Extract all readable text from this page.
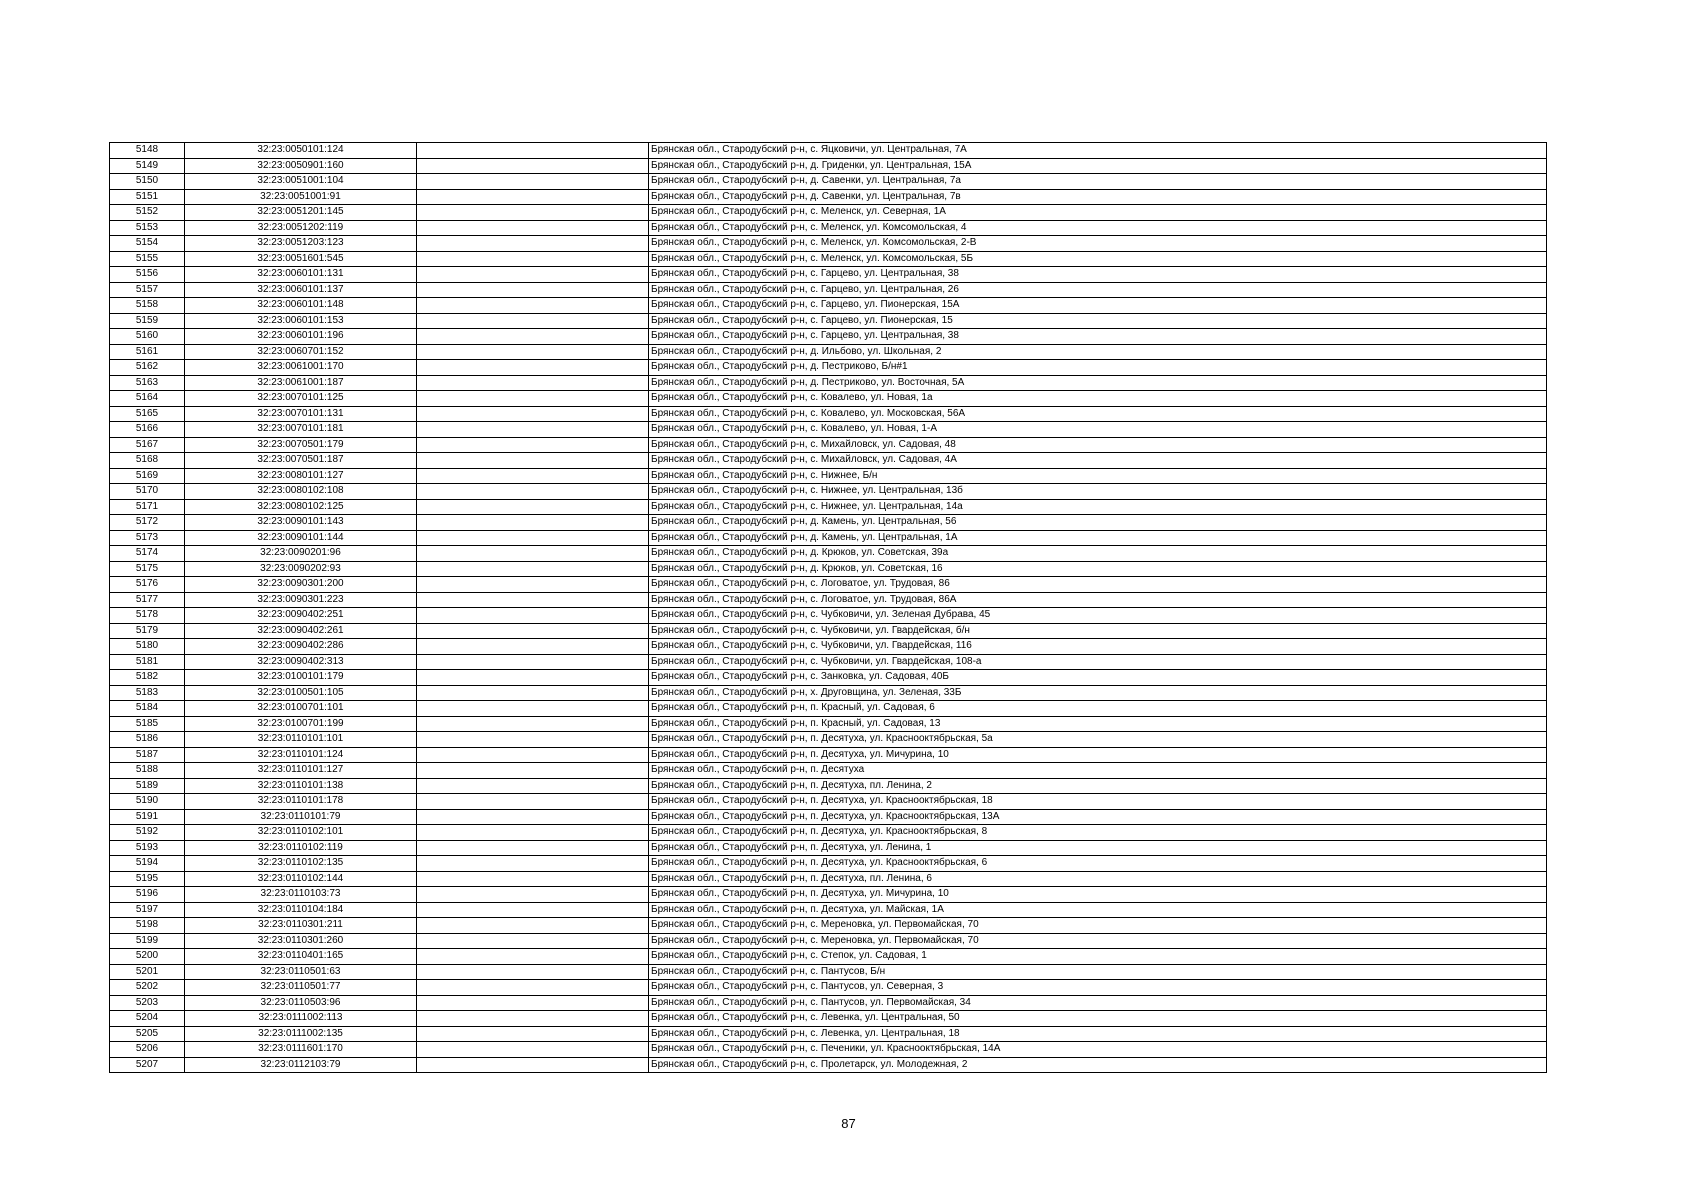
5148	32:23:0050101:124		Брянская обл., Стародубский р-н, с. Яцковичи, ул. Центральная, 7А
5149	32:23:0050901:160		Брянская обл., Стародубский р-н, д. Гриденки, ул. Центральная, 15А
5150	32:23:0051001:104		Брянская обл., Стародубский р-н, д. Савенки, ул. Центральная, 7а
5151	32:23:0051001:91		Брянская обл., Стародубский р-н, д. Савенки, ул. Центральная, 7в
5152	32:23:0051201:145		Брянская обл., Стародубский р-н, с. Меленск, ул. Северная, 1А
5153	32:23:0051202:119		Брянская обл., Стародубский р-н, с. Меленск, ул. Комсомольская, 4
5154	32:23:0051203:123		Брянская обл., Стародубский р-н, с. Меленск, ул. Комсомольская, 2-В
5155	32:23:0051601:545		Брянская обл., Стародубский р-н, с. Меленск, ул. Комсомольская, 5Б
5156	32:23:0060101:131		Брянская обл., Стародубский р-н, с. Гарцево, ул. Центральная, 38
5157	32:23:0060101:137		Брянская обл., Стародубский р-н, с. Гарцево, ул. Центральная, 26
5158	32:23:0060101:148		Брянская обл., Стародубский р-н, с. Гарцево, ул. Пионерская, 15А
5159	32:23:0060101:153		Брянская обл., Стародубский р-н, с. Гарцево, ул. Пионерская, 15
5160	32:23:0060101:196		Брянская обл., Стародубский р-н, с. Гарцево, ул. Центральная, 38
5161	32:23:0060701:152		Брянская обл., Стародубский р-н, д. Ильбово, ул. Школьная, 2
5162	32:23:0061001:170		Брянская обл., Стародубский р-н, д. Пестриково, Б/н#1
5163	32:23:0061001:187		Брянская обл., Стародубский р-н, д. Пестриково, ул. Восточная, 5А
5164	32:23:0070101:125		Брянская обл., Стародубский р-н, с. Ковалево, ул. Новая, 1а
5165	32:23:0070101:131		Брянская обл., Стародубский р-н, с. Ковалево, ул. Московская, 56А
5166	32:23:0070101:181		Брянская обл., Стародубский р-н, с. Ковалево, ул. Новая, 1-А
5167	32:23:0070501:179		Брянская обл., Стародубский р-н, с. Михайловск, ул. Садовая, 48
5168	32:23:0070501:187		Брянская обл., Стародубский р-н, с. Михайловск, ул. Садовая, 4А
5169	32:23:0080101:127		Брянская обл., Стародубский р-н, с. Нижнее, Б/н
5170	32:23:0080102:108		Брянская обл., Стародубский р-н, с. Нижнее, ул. Центральная, 13б
5171	32:23:0080102:125		Брянская обл., Стародубский р-н, с. Нижнее, ул. Центральная, 14а
5172	32:23:0090101:143		Брянская обл., Стародубский р-н, д. Камень, ул. Центральная, 56
5173	32:23:0090101:144		Брянская обл., Стародубский р-н, д. Камень, ул. Центральная, 1А
5174	32:23:0090201:96		Брянская обл., Стародубский р-н, д. Крюков, ул. Советская, 39а
5175	32:23:0090202:93		Брянская обл., Стародубский р-н, д. Крюков, ул. Советская, 16
5176	32:23:0090301:200		Брянская обл., Стародубский р-н, с. Логоватое, ул. Трудовая, 86
5177	32:23:0090301:223		Брянская обл., Стародубский р-н, с. Логоватое, ул. Трудовая, 86А
5178	32:23:0090402:251		Брянская обл., Стародубский р-н, с. Чубковичи, ул. Зеленая Дубрава, 45
5179	32:23:0090402:261		Брянская обл., Стародубский р-н, с. Чубковичи, ул. Гвардейская, б/н
5180	32:23:0090402:286		Брянская обл., Стародубский р-н, с. Чубковичи, ул. Гвардейская, 116
5181	32:23:0090402:313		Брянская обл., Стародубский р-н, с. Чубковичи, ул. Гвардейская, 108-а
5182	32:23:0100101:179		Брянская обл., Стародубский р-н, с. Занковка, ул. Садовая, 40Б
5183	32:23:0100501:105		Брянская обл., Стародубский р-н, х. Друговщина, ул. Зеленая, 33Б
5184	32:23:0100701:101		Брянская обл., Стародубский р-н, п. Красный, ул. Садовая, 6
5185	32:23:0100701:199		Брянская обл., Стародубский р-н, п. Красный, ул. Садовая, 13
5186	32:23:0110101:101		Брянская обл., Стародубский р-н, п. Десятуха, ул. Краснооктябрьская, 5а
5187	32:23:0110101:124		Брянская обл., Стародубский р-н, п. Десятуха, ул. Мичурина, 10
5188	32:23:0110101:127		Брянская обл., Стародубский р-н, п. Десятуха
5189	32:23:0110101:138		Брянская обл., Стародубский р-н, п. Десятуха, пл. Ленина, 2
5190	32:23:0110101:178		Брянская обл., Стародубский р-н, п. Десятуха, ул. Краснооктябрьская, 18
5191	32:23:0110101:79		Брянская обл., Стародубский р-н, п. Десятуха, ул. Краснооктябрьская, 13А
5192	32:23:0110102:101		Брянская обл., Стародубский р-н, п. Десятуха, ул. Краснооктябрьская, 8
5193	32:23:0110102:119		Брянская обл., Стародубский р-н, п. Десятуха, ул. Ленина, 1
5194	32:23:0110102:135		Брянская обл., Стародубский р-н, п. Десятуха, ул. Краснооктябрьская, 6
5195	32:23:0110102:144		Брянская обл., Стародубский р-н, п. Десятуха, пл. Ленина, 6
5196	32:23:0110103:73		Брянская обл., Стародубский р-н, п. Десятуха, ул. Мичурина, 10
5197	32:23:0110104:184		Брянская обл., Стародубский р-н, п. Десятуха, ул. Майская, 1А
5198	32:23:0110301:211		Брянская обл., Стародубский р-н, с. Мереновка, ул. Первомайская, 70
5199	32:23:0110301:260		Брянская обл., Стародубский р-н, с. Мереновка, ул. Первомайская, 70
5200	32:23:0110401:165		Брянская обл., Стародубский р-н, с. Степок, ул. Садовая, 1
5201	32:23:0110501:63		Брянская обл., Стародубский р-н, с. Пантусов, Б/н
5202	32:23:0110501:77		Брянская обл., Стародубский р-н, с. Пантусов, ул. Северная, 3
5203	32:23:0110503:96		Брянская обл., Стародубский р-н, с. Пантусов, ул. Первомайская, 34
5204	32:23:0111002:113		Брянская обл., Стародубский р-н, с. Левенка, ул. Центральная, 50
5205	32:23:0111002:135		Брянская обл., Стародубский р-н, с. Левенка, ул. Центральная, 18
5206	32:23:0111601:170		Брянская обл., Стародубский р-н, с. Печеники, ул. Краснооктябрьская, 14А
5207	32:23:0112103:79		Брянская обл., Стародубский р-н, с. Пролетарск, ул. Молодежная, 2
87
